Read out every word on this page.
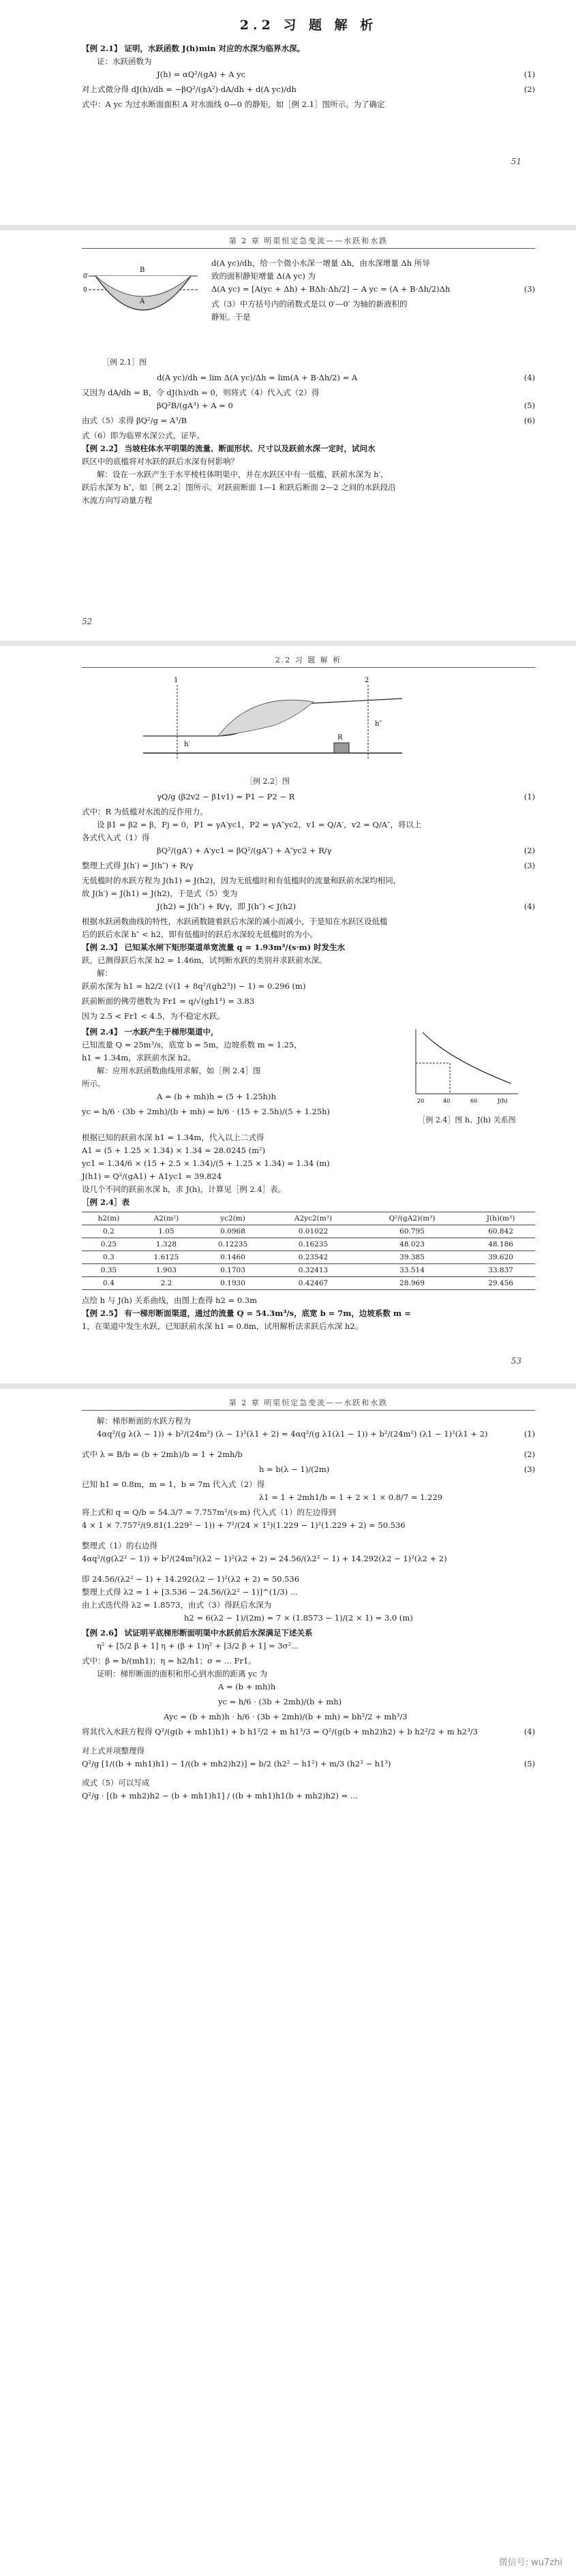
2.2 习 题 解 析

【例 2.1】 证明，水跃函数 J(h)min 对应的水深为临界水深。

证：水跃函数为

J(h) = αQ²/(gA) + A yc	(1)
对上式微分得 dJ(h)/dh = −βQ²/(gA²)·dA/dh + d(A yc)/dh	(2)

式中：A yc 为过水断面面积 A 对水面线 0—0 的静矩，如［例 2.1］图所示。为了确定

51
第 2 章 明渠恒定急变流——水跃和水跌
B
A
0′
0
［例 2.1］图

d(A yc)/dh，给一个微小水深一增量 Δh，由水深增量 Δh 所导

致的面积静矩增量 Δ(A yc) 为

Δ(A yc) = [A(yc + Δh) + BΔh·Δh/2] − A yc = (A + B·Δh/2)Δh	(3)

式（3）中方括号内的函数式是以 0′—0′ 为轴的新液积的

静矩。于是

d(A yc)/dh = lim Δ(A yc)/Δh = lim(A + B·Δh/2) = A	(4)

又因为 dA/dh = B，令 dJ(h)/dh = 0，则将式（4）代入式（2）得

βQ²B/(gA³) + A = 0	(5)
由式（5）求得 βQ²/g = A³/B	(6)

式（6）即为临界水深公式，证毕。

【例 2.2】 当坡柱体水平明渠的流量、断面形状、尺寸以及跃前水深一定时，试问水

跃区中的底槛将对水跃的跃后水深有何影响？

解：设在一水跃产生于水平棱柱体明渠中，并在水跃区中有一低槛，跃前水深为 h′，

跃后水深为 h″，如［例 2.2］图所示。对跃前断面 1—1 和跃后断面 2—2 之间的水跃段沿

水流方向写动量方程

52
2.2 习 题 解 析
1	2
h′
h″
R
［例 2.2］图
γQ/g (β2v2 − β1v1) = P1 − P2 − R	(1)

式中：R 为低槛对水流的反作用力。

设 β1 = β2 = β，Fj = 0，P1 = γA′yc1，P2 = γA″yc2，v1 = Q/A′，v2 = Q/A″，将以上

各式代入式（1）得

βQ²/(gA′) + A′yc1 = βQ²/(gA″) + A″yc2 + R/γ	(2)
整理上式得 J(h′) = J(h″) + R/γ	(3)

无低槛时的水跃方程为 J(h1) = J(h2)，因为无低槛时和有低槛时的流量和跃前水深均相同，

故 J(h′) = J(h1) = J(h2)，于是式（5）变为

J(h2) = J(h″) + R/γ，即 J(h″) < J(h2)	(4)

根据水跃函数曲线的特性，水跃函数随着跃后水深的减小而减小，于是知在水跃区设低槛

后的跃后水深 h″ < h2，即有低槛时的跃后水深较无低槛时的为小。

【例 2.3】 已知某水闸下矩形渠道单宽流量 q = 1.93m³/(s·m) 时发生水

跃，已测得跃后水深 h2 = 1.46m，试判断水跃的类别并求跃前水深。

解：

跃前水深为 h1 = h2/2 (√(1 + 8q²/(gh2³)) − 1) = 0.296 (m)
跃前断面的佛劳德数为 Fr1 = q/√(gh1³) = 3.83

因为 2.5 < Fr1 < 4.5，为不稳定水跃。

【例 2.4】 一水跃产生于梯形渠道中，

已知流量 Q = 25m³/s，底宽 b = 5m，边坡系数 m = 1.25，

h1 = 1.34m，求跃前水深 h2。

解：应用水跃函数曲线用求解，如［例 2.4］图

所示。

A = (b + mh)h = (5 + 1.25h)h
yc = h/6 · (3b + 2mh)/(b + mh) = h/6 · (15 + 2.5h)/(5 + 1.25h)
20	40	60	J(h)
［例 2.4］图 h、J(h) 关系图

根据已知的跃前水深 h1 = 1.34m，代入以上二式得

A1 = (5 + 1.25 × 1.34) × 1.34 = 28.0245 (m²)

yc1 = 1.34/6 × (15 + 2.5 × 1.34)/(5 + 1.25 × 1.34) = 1.34 (m)

J(h1) = Q²/(gA1) + A1yc1 = 39.824

设几个不同的跃前水深 h，求 J(h)，计算见［例 2.4］表。

［例 2.4］表

h2(m)	A2(m²)	yc2(m)	A2yc2(m³)	Q²/(gA2)(m³)	J(h)(m³)
0.2	1.05	0.0968	0.01022	60.795	60.842
0.25	1.328	0.12235	0.16235	48.023	48.186
0.3	1.6125	0.1460	0.23542	39.385	39.620
0.35	1.903	0.1703	0.32413	33.514	33.837
0.4	2.2	0.1930	0.42467	28.969	29.456

点绘 h 与 J(h) 关系曲线，由图上查得 h2 = 0.3m

【例 2.5】 有一梯形断面渠道，通过的流量 Q = 54.3m³/s，底宽 b = 7m，边坡系数 m =

1，在渠道中发生水跃，已知跃前水深 h1 = 0.8m，试用解析法求跃后水深 h2。

53
第 2 章 明渠恒定急变流——水跃和水跌

解：梯形断面的水跃方程为

4αq²/(g λ(λ − 1)) + b²/(24m²) (λ − 1)²(λ1 + 2) = 4αq²/(g λ1(λ1 − 1)) + b²/(24m²) (λ1 − 1)²(λ1 + 2)	(1)
式中 λ = B/b = (b + 2mh)/b = 1 + 2mh/b	(2)
h = b(λ − 1)/(2m)	(3)

已知 h1 = 0.8m，m = 1，b = 7m 代入式（2）得

λ1 = 1 + 2mh1/b = 1 + 2 × 1 × 0.8/7 = 1.229

将上式和 q = Q/b = 54.3/7 = 7.757m²/(s·m) 代入式（1）的左边得到

4 × 1 × 7.757²/(9.81(1.229² − 1)) + 7²/(24 × 1²)(1.229 − 1)²(1.229 + 2) = 50.536

整理式（1）的右边得

4αq²/(g(λ2² − 1)) + b²/(24m²)(λ2 − 1)²(λ2 + 2) = 24.56/(λ2² − 1) + 14.292(λ2 − 1)²(λ2 + 2)

即 24.56/(λ2² − 1) + 14.292(λ2 − 1)²(λ2 + 2) = 50.536

整理上式得 λ2 = 1 + [3.536 − 24.56/(λ2² − 1)]^(1/3) ...

由上式迭代得 λ2 = 1.8573，由式（3）得跃后水深为

h2 = 6(λ2 − 1)/(2m) = 7 × (1.8573 − 1)/(2 × 1) = 3.0 (m)

【例 2.6】 试证明平底梯形断面明渠中水跃前后水深满足下述关系

η² + [5/2 β + 1] η + (β + 1)η² + [3/2 β + 1] = 3σ²...

式中：β = b/(mh1)；η = h2/h1；σ = ... Fr1。

证明：梯形断面的面积和形心到水面的距离 yc 为

A = (b + mh)h
yc = h/6 · (3b + 2mh)/(b + mh)
Ayc = (b + mh)h · h/6 · (3b + 2mh)/(b + mh) = bh²/2 + mh³/3
将其代入水跃方程得 Q²/(g(b + mh1)h1) + b h1²/2 + m h1³/3 = Q²/(g(b + mh2)h2) + b h2²/2 + m h2³/3	(4)

对上式并项整理得

Q²/g [1/((b + mh1)h1) − 1/((b + mh2)h2)] = b/2 (h2² − h1²) + m/3 (h2³ − h1³)	(5)

或式（5）可以写成

Q²/g · [(b + mh2)h2 − (b + mh1)h1] / ((b + mh1)h1(b + mh2)h2) = ...
微信号: wu7zhi
